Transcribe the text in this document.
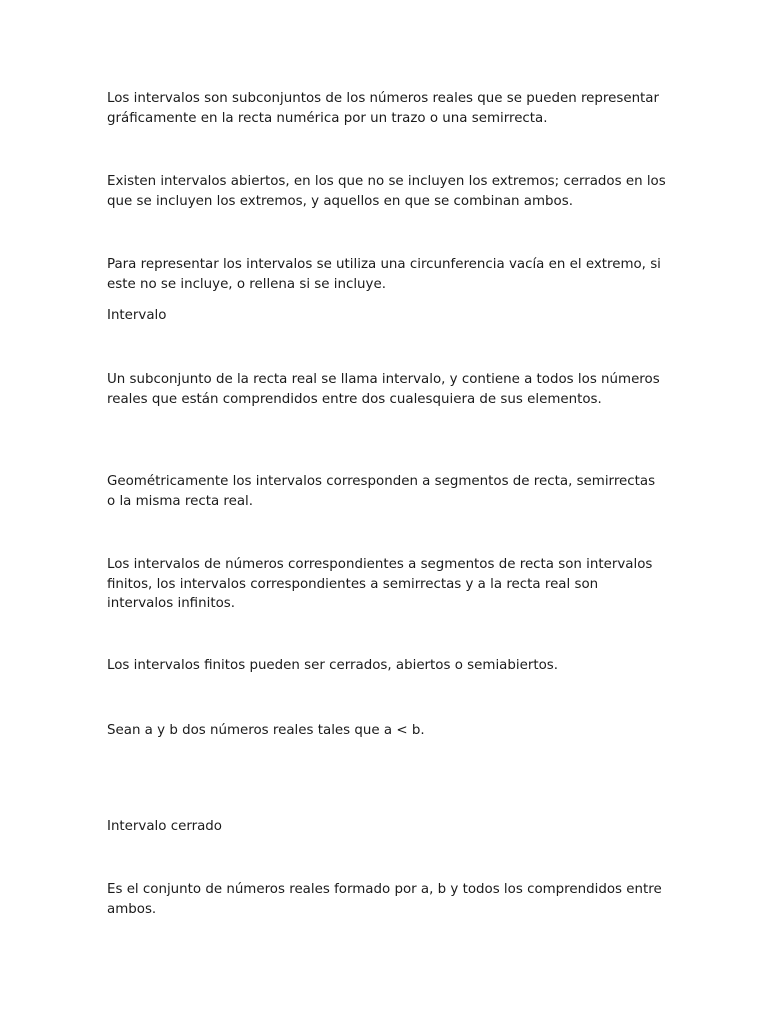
Los intervalos son subconjuntos de los números reales que se pueden representar gráficamente en la recta numérica por un trazo o una semirrecta.

Existen intervalos abiertos, en los que no se incluyen los extremos; cerrados en los que se incluyen los extremos, y aquellos en que se combinan ambos.

Para representar los intervalos se utiliza una circunferencia vacía en el extremo, si este no se incluye, o rellena si se incluye.

Intervalo

Un subconjunto de la recta real se llama intervalo, y contiene a todos los números reales que están comprendidos entre dos cualesquiera de sus elementos.

Geométricamente los intervalos corresponden a segmentos de recta, semirrectas o la misma recta real.

Los intervalos de números correspondientes a segmentos de recta son intervalos finitos, los intervalos correspondientes a semirrectas y a la recta real son intervalos infinitos.

Los intervalos finitos pueden ser cerrados, abiertos o semiabiertos.

Sean a y b dos números reales tales que a < b.

Intervalo cerrado

Es el conjunto de números reales formado por a, b y todos los comprendidos entre ambos.
